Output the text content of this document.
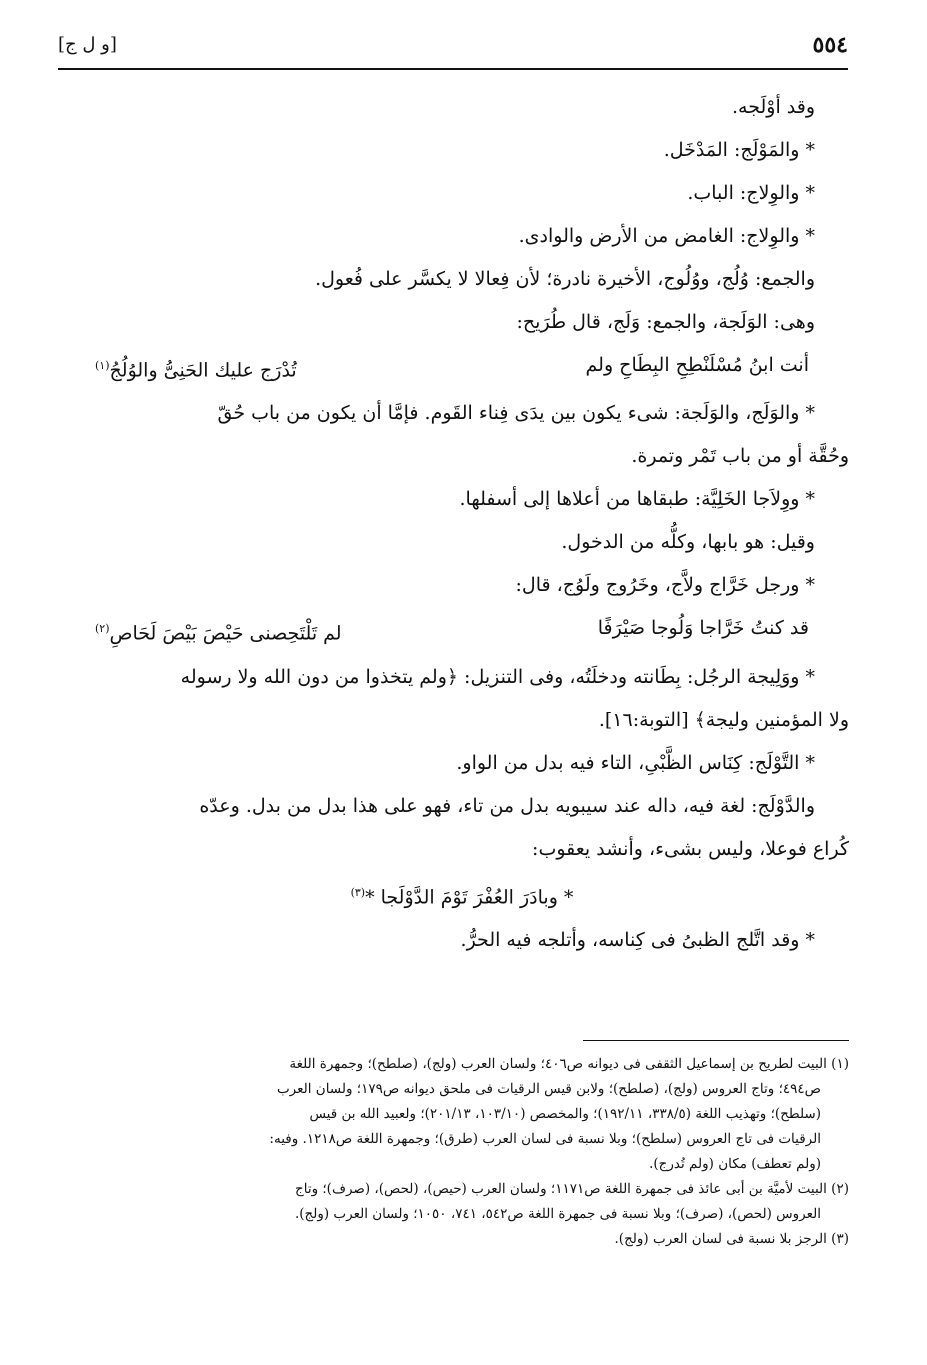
٥٥٤
[و ل ج]

وقد أوْلَجه.

* والمَوْلَج: المَدْخَل.

* والوِلاج: الباب.

* والوِلاج: الغامض من الأرض والوادى.

والجمع: وُلُج، ووُلُوج، الأخيرة نادرة؛ لأن فِعالا لا يكسَّر على فُعول.

وهى: الوَلَجة، والجمع: وَلَج، قال طُرَيح:

أنت ابنُ مُسْلَنْطِحِ البِطَاحِ ولم
تُدْرَج عليك الحَنِىُّ والوُلُجُ$^{(١)}$

* والوَلَج، والوَلَجة: شىء يكون بين يدَى فِناء القَوم. فإمَّا أن يكون من باب حُقّ

وحُقَّة أو من باب تَمْر وتمرة.

* ووِلاَجا الخَلِيَّة: طبقاها من أعلاها إلى أسفلها.

وقيل: هو بابها، وكلُّه من الدخول.

* ورجل خَرَّاج ولاَّج، وخَرُوج ولَوُج، قال:

قد كنتُ خَرَّاجا وَلُوجا صَيْرَفًا
لم تَلْتَحِصنى حَيْصَ بَيْصَ لَحَاصِ$^{(٢)}$

* ووَلِيجة الرجُل: بِطَانته ودخلَتُه، وفى التنزيل: ﴿ولم يتخذوا من دون الله ولا رسوله

ولا المؤمنين وليجة﴾ [التوبة:١٦].

* التَّوْلَج: كِنَاس الظَّبْىِ، التاء فيه بدل من الواو.

والدَّوْلَج: لغة فيه، داله عند سيبويه بدل من تاء، فهو على هذا بدل من بدل. وعدّه

كُراع فوعلا، وليس بشىء، وأنشد يعقوب:

* وبادَرَ العُفْرَ تَوْمَ الدَّوْلَجا *$^{(٣)}$

* وقد اتَّلج الظبىُ فى كِناسه، وأتلجه فيه الحرُّ.

(١) البيت لطريح بن إسماعيل الثقفى فى ديوانه ص٤٠٦؛ ولسان العرب (ولج)، (صلطح)؛ وجمهرة اللغة

ص٤٩٤؛ وتاج العروس (ولج)، (صلطح)؛ ولابن قيس الرقيات فى ملحق ديوانه ص١٧٩؛ ولسان العرب

(سلطح)؛ وتهذيب اللغة (٣٣٨/٥، ١٩٢/١١)؛ والمخصص (١٠٣/١٠، ٢٠١/١٣)؛ ولعبيد الله بن قيس

الرقيات فى تاج العروس (سلطح)؛ وبلا نسبة فى لسان العرب (طرق)؛ وجمهرة اللغة ص١٢١٨. وفيه:

(ولم تعطف) مكان (ولم تُدرج).

(٢) البيت لأميَّة بن أبى عائذ فى جمهرة اللغة ص١١٧١؛ ولسان العرب (حيص)، (لحص)، (صرف)؛ وتاج

العروس (لحص)، (صرف)؛ وبلا نسبة فى جمهرة اللغة ص٥٤٢، ٧٤١، ١٠٥٠؛ ولسان العرب (ولج).

(٣) الرجز بلا نسبة فى لسان العرب (ولج).
